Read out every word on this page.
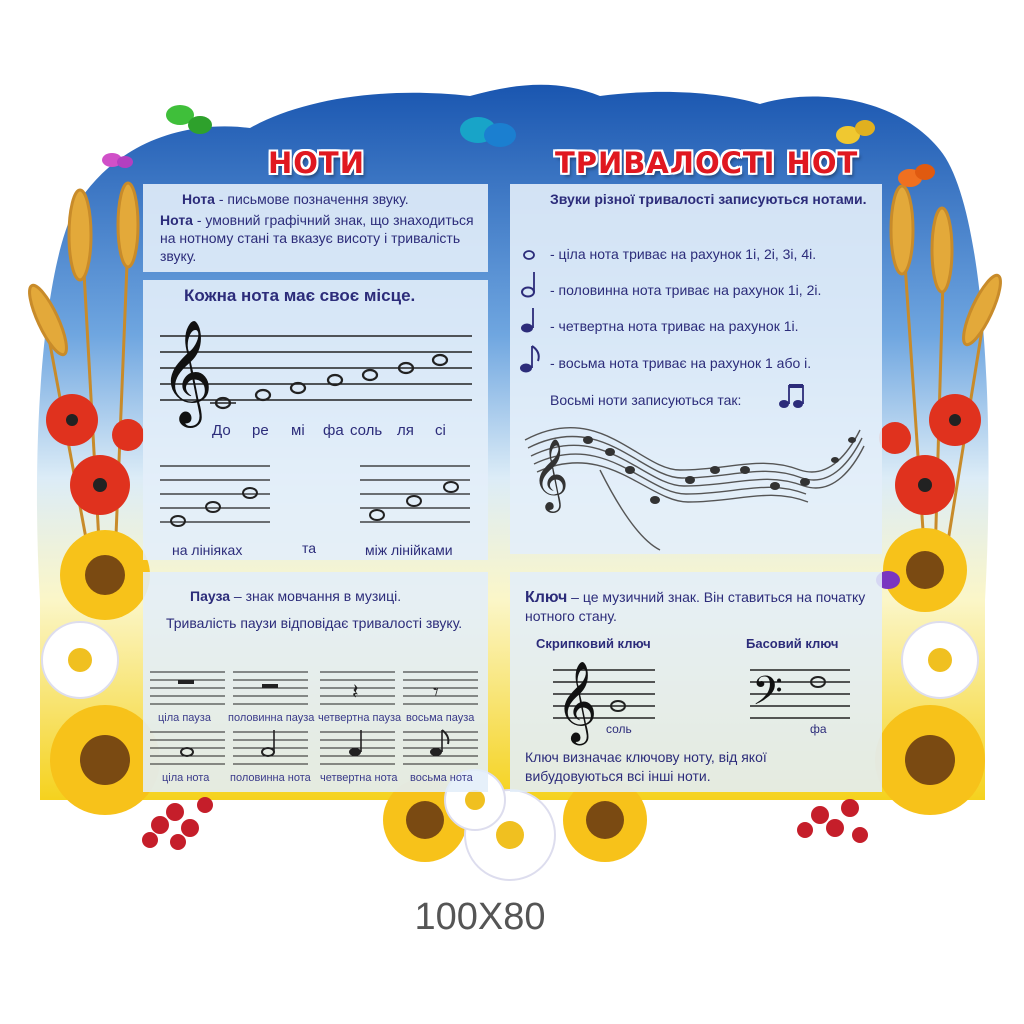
𝄞
𝄽	𝄾
𝄞
𝄞	𝄢
НОТИ	ТРИВАЛОСТІ НОТ
Нота - письмове позначення звуку.
Нота - умовний графічний знак, що знаходиться на нотному стані та вказує висоту і тривалість звуку.
Кожна нота має своє місце.
До ре мі фа соль ля сі
на лініяках	та	між лінійками
Пауза – знак мовчання в музиці.
Тривалість паузи відповідає тривалості звуку.
ціла пауза половинна пауза четвертна пауза восьма пауза
ціла нота половинна нота четвертна нота восьма нота
Звуки різної тривалості записуються нотами.
- ціла нота триває на рахунок 1і, 2і, 3і, 4і.
- половинна нота триває на рахунок 1і, 2і.
- четвертна нота триває на рахунок 1і.
- восьма нота триває на рахунок 1 або і.
Восьмі ноти записуються так:
Ключ – це музичний знак. Він ставиться на початку нотного стану.
Скрипковий ключ	Басовий ключ
соль	фа
Ключ визначає ключову ноту, від якої вибудовуються всі інші ноти.
100X80
